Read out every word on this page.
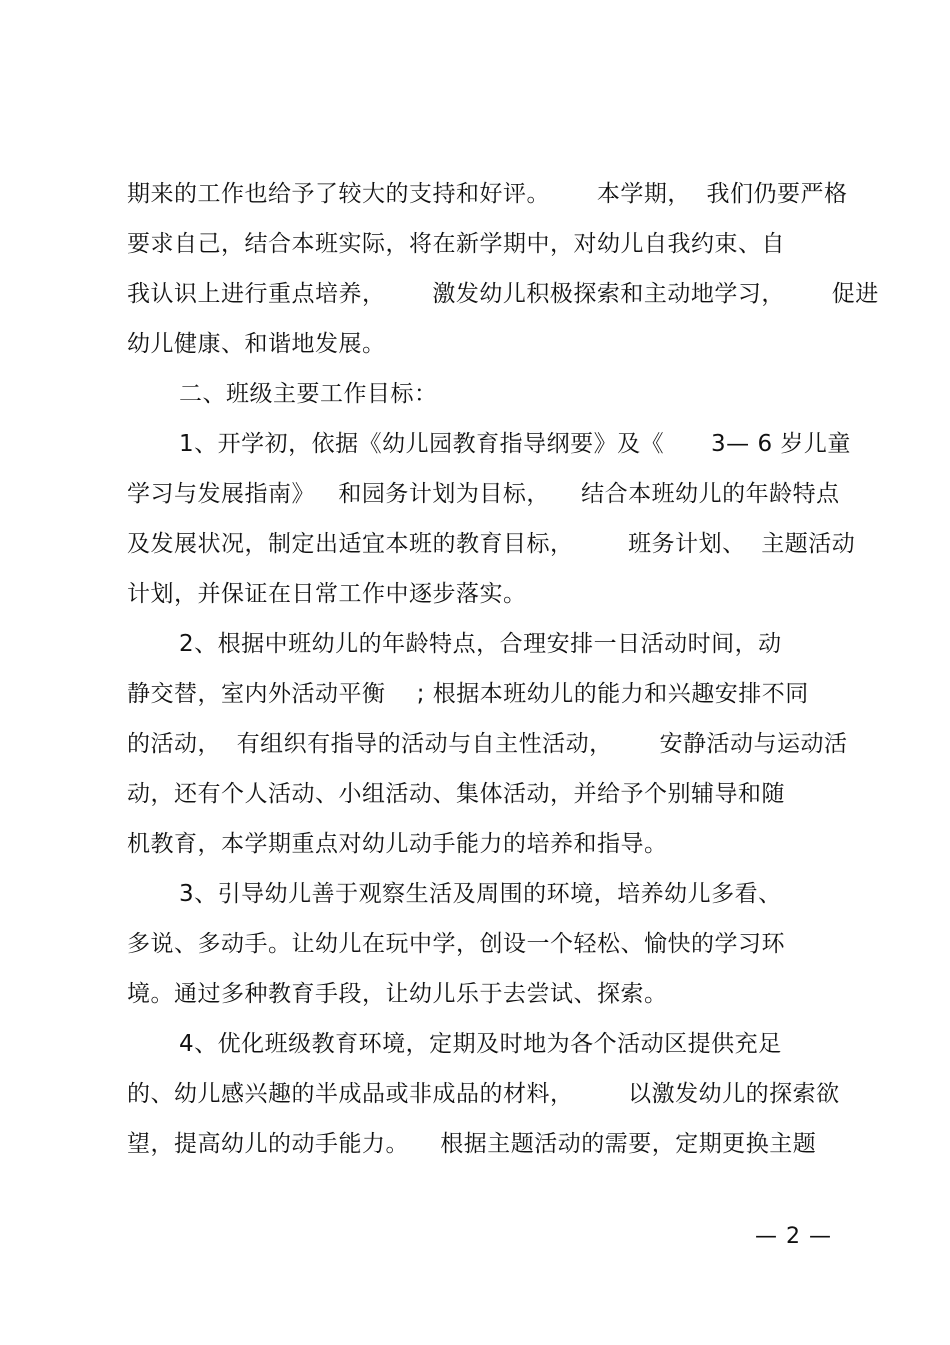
期来的工作也给予了较大的支持和好评。      本学期，  我们仍要严格
要求自己，结合本班实际，将在新学期中，对幼儿自我约束、自
我认识上进行重点培养，      激发幼儿积极探索和主动地学习，      促进
幼儿健康、和谐地发展。
二、班级主要工作目标：
1、开学初，依据《幼儿园教育指导纲要》及《      3— 6 岁儿童
学习与发展指南》   和园务计划为目标，    结合本班幼儿的年龄特点
及发展状况，制定出适宜本班的教育目标，       班务计划、  主题活动
计划，并保证在日常工作中逐步落实。
2、根据中班幼儿的年龄特点，合理安排一日活动时间，动
静交替，室内外活动平衡    ; 根据本班幼儿的能力和兴趣安排不同
的活动，  有组织有指导的活动与自主性活动，      安静活动与运动活
动，还有个人活动、小组活动、集体活动，并给予个别辅导和随
机教育，本学期重点对幼儿动手能力的培养和指导。
3、引导幼儿善于观察生活及周围的环境，培养幼儿多看、
多说、多动手。让幼儿在玩中学，创设一个轻松、愉快的学习环
境。通过多种教育手段，让幼儿乐于去尝试、探索。
4、优化班级教育环境，定期及时地为各个活动区提供充足
的、幼儿感兴趣的半成品或非成品的材料，       以激发幼儿的探索欲
望，提高幼儿的动手能力。    根据主题活动的需要，定期更换主题
— 2 —
